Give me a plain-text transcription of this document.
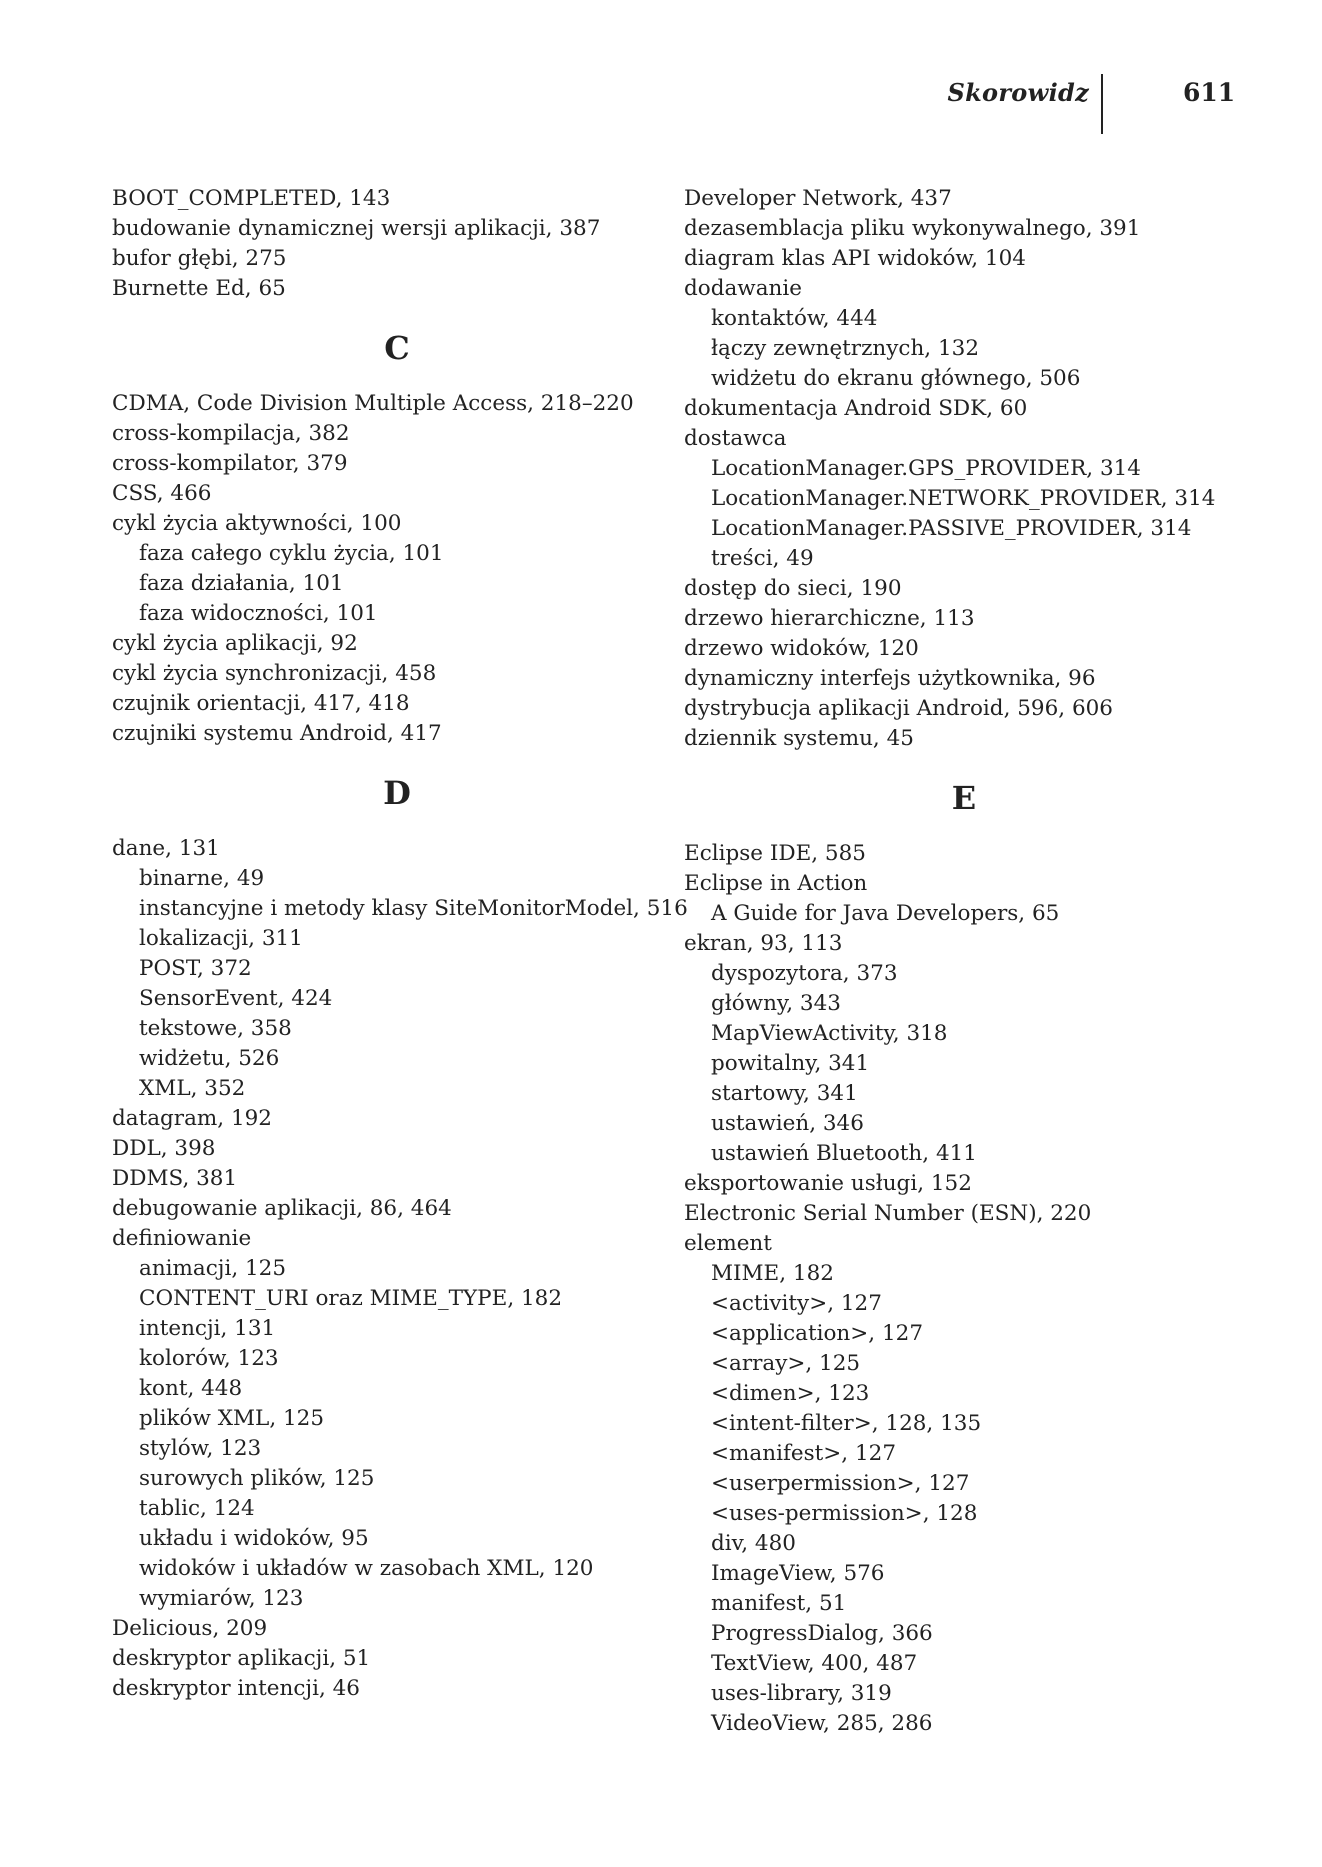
Skorowidz	611
BOOT_COMPLETED, 143
budowanie dynamicznej wersji aplikacji, 387
bufor głębi, 275
Burnette Ed, 65
C
CDMA, Code Division Multiple Access, 218–220
cross-kompilacja, 382
cross-kompilator, 379
CSS, 466
cykl życia aktywności, 100
faza całego cyklu życia, 101
faza działania, 101
faza widoczności, 101
cykl życia aplikacji, 92
cykl życia synchronizacji, 458
czujnik orientacji, 417, 418
czujniki systemu Android, 417
D
dane, 131
binarne, 49
instancyjne i metody klasy SiteMonitorModel, 516
lokalizacji, 311
POST, 372
SensorEvent, 424
tekstowe, 358
widżetu, 526
XML, 352
datagram, 192
DDL, 398
DDMS, 381
debugowanie aplikacji, 86, 464
definiowanie
animacji, 125
CONTENT_URI oraz MIME_TYPE, 182
intencji, 131
kolorów, 123
kont, 448
plików XML, 125
stylów, 123
surowych plików, 125
tablic, 124
układu i widoków, 95
widoków i układów w zasobach XML, 120
wymiarów, 123
Delicious, 209
deskryptor aplikacji, 51
deskryptor intencji, 46
Developer Network, 437
dezasemblacja pliku wykonywalnego, 391
diagram klas API widoków, 104
dodawanie
kontaktów, 444
łączy zewnętrznych, 132
widżetu do ekranu głównego, 506
dokumentacja Android SDK, 60
dostawca
LocationManager.GPS_PROVIDER, 314
LocationManager.NETWORK_PROVIDER, 314
LocationManager.PASSIVE_PROVIDER, 314
treści, 49
dostęp do sieci, 190
drzewo hierarchiczne, 113
drzewo widoków, 120
dynamiczny interfejs użytkownika, 96
dystrybucja aplikacji Android, 596, 606
dziennik systemu, 45
E
Eclipse IDE, 585
Eclipse in Action
A Guide for Java Developers, 65
ekran, 93, 113
dyspozytora, 373
główny, 343
MapViewActivity, 318
powitalny, 341
startowy, 341
ustawień, 346
ustawień Bluetooth, 411
eksportowanie usługi, 152
Electronic Serial Number (ESN), 220
element
MIME, 182
<activity>, 127
<application>, 127
<array>, 125
<dimen>, 123
<intent-filter>, 128, 135
<manifest>, 127
<userpermission>, 127
<uses-permission>, 128
div, 480
ImageView, 576
manifest, 51
ProgressDialog, 366
TextView, 400, 487
uses-library, 319
VideoView, 285, 286
